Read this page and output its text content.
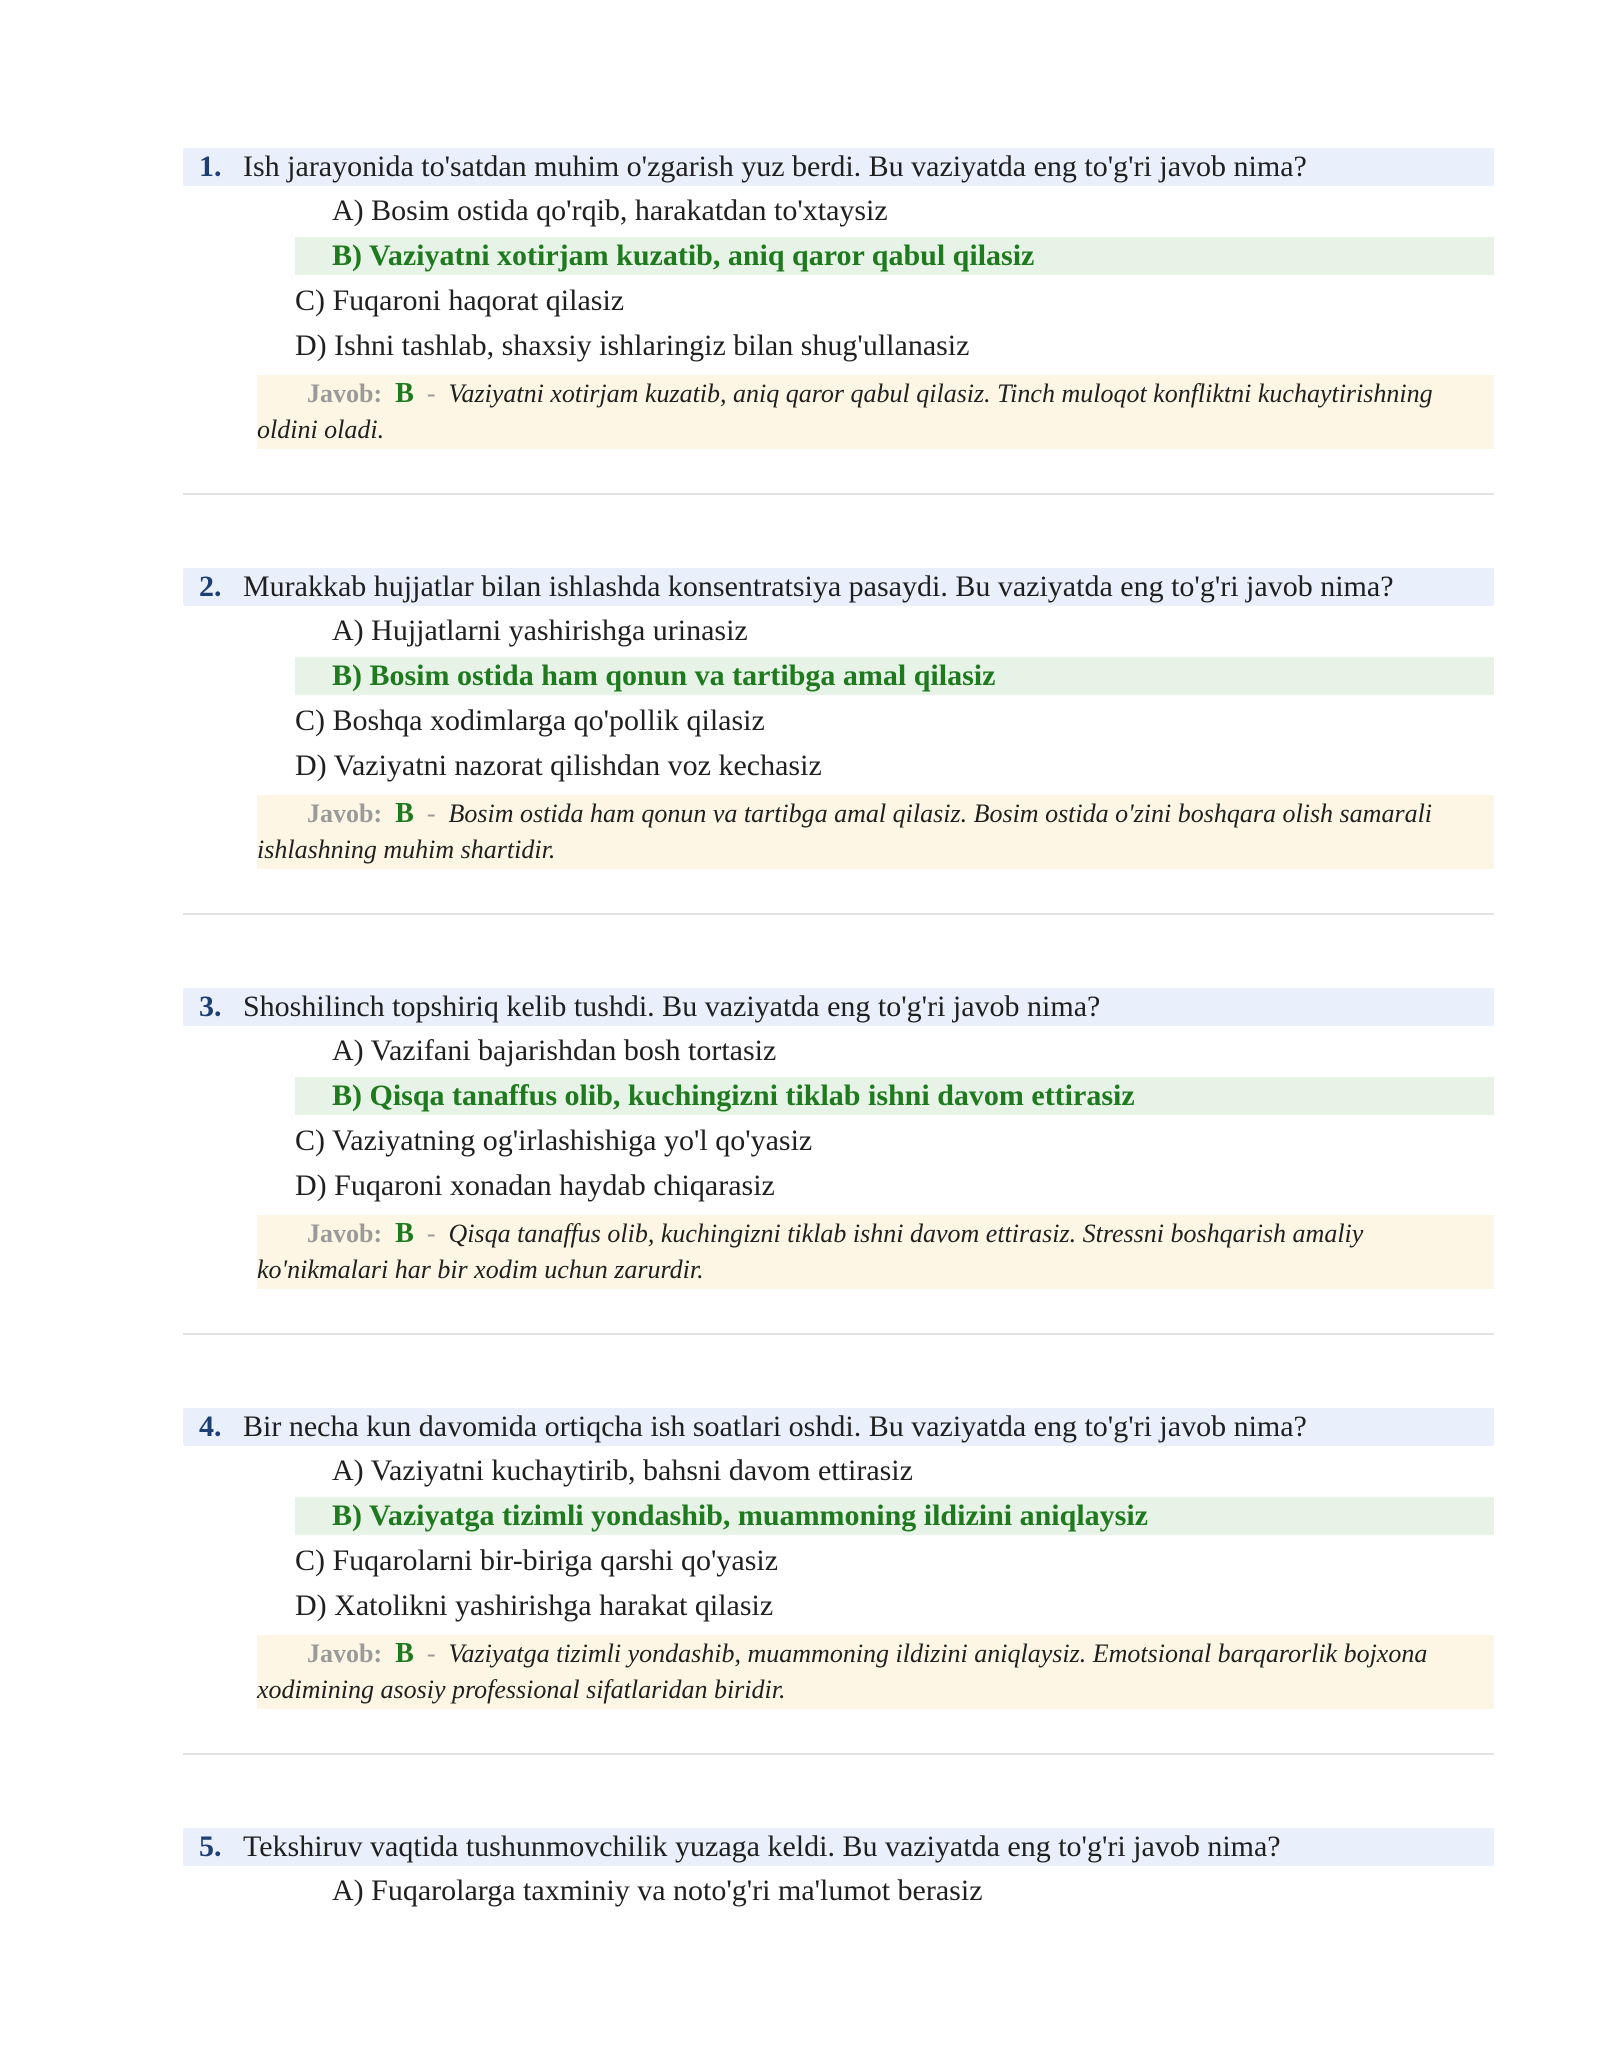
1. Ish jarayonida to'satdan muhim o'zgarish yuz berdi. Bu vaziyatda eng to'g'ri javob nima?
A) Bosim ostida qo'rqib, harakatdan to'xtaysiz
B) Vaziyatni xotirjam kuzatib, aniq qaror qabul qilasiz
C) Fuqaroni haqorat qilasiz
D) Ishni tashlab, shaxsiy ishlaringiz bilan shug'ullanasiz

Javob: B - Vaziyatni xotirjam kuzatib, aniq qaror qabul qilasiz. Tinch muloqot konfliktni kuchaytirishning oldini oladi.

2. Murakkab hujjatlar bilan ishlashda konsentratsiya pasaydi. Bu vaziyatda eng to'g'ri javob nima?
A) Hujjatlarni yashirishga urinasiz
B) Bosim ostida ham qonun va tartibga amal qilasiz
C) Boshqa xodimlarga qo'pollik qilasiz
D) Vaziyatni nazorat qilishdan voz kechasiz

Javob: B - Bosim ostida ham qonun va tartibga amal qilasiz. Bosim ostida o'zini boshqara olish samarali ishlashning muhim shartidir.

3. Shoshilinch topshiriq kelib tushdi. Bu vaziyatda eng to'g'ri javob nima?
A) Vazifani bajarishdan bosh tortasiz
B) Qisqa tanaffus olib, kuchingizni tiklab ishni davom ettirasiz
C) Vaziyatning og'irlashishiga yo'l qo'yasiz
D) Fuqaroni xonadan haydab chiqarasiz

Javob: B - Qisqa tanaffus olib, kuchingizni tiklab ishni davom ettirasiz. Stressni boshqarish amaliy ko'nikmalari har bir xodim uchun zarurdir.

4. Bir necha kun davomida ortiqcha ish soatlari oshdi. Bu vaziyatda eng to'g'ri javob nima?
A) Vaziyatni kuchaytirib, bahsni davom ettirasiz
B) Vaziyatga tizimli yondashib, muammoning ildizini aniqlaysiz
C) Fuqarolarni bir-biriga qarshi qo'yasiz
D) Xatolikni yashirishga harakat qilasiz

Javob: B - Vaziyatga tizimli yondashib, muammoning ildizini aniqlaysiz. Emotsional barqarorlik bojxona xodimining asosiy professional sifatlaridan biridir.

5. Tekshiruv vaqtida tushunmovchilik yuzaga keldi. Bu vaziyatda eng to'g'ri javob nima?
A) Fuqarolarga taxminiy va noto'g'ri ma'lumot berasiz
